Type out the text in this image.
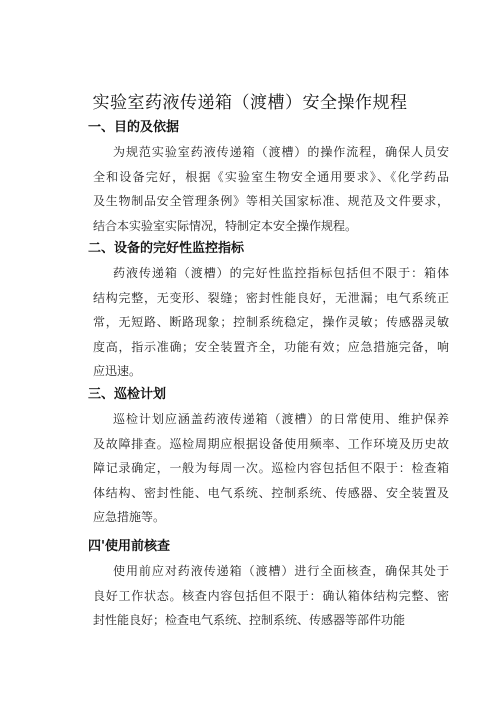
实验室药液传递箱（渡槽）安全操作规程
一、目的及依据
为规范实验室药液传递箱（渡槽）的操作流程，确保人员安
全和设备完好，根据《实验室生物安全通用要求》、《化学药品
及生物制品安全管理条例》等相关国家标准、规范及文件要求，
结合本实验室实际情况，特制定本安全操作规程。
二、设备的完好性监控指标
药液传递箱（渡槽）的完好性监控指标包括但不限于：箱体
结构完整，无变形、裂缝；密封性能良好，无泄漏；电气系统正
常，无短路、断路现象；控制系统稳定，操作灵敏；传感器灵敏
度高，指示准确；安全装置齐全，功能有效；应急措施完备，响
应迅速。
三、巡检计划
巡检计划应涵盖药液传递箱（渡槽）的日常使用、维护保养
及故障排查。巡检周期应根据设备使用频率、工作环境及历史故
障记录确定，一般为每周一次。巡检内容包括但不限于：检查箱
体结构、密封性能、电气系统、控制系统、传感器、安全装置及
应急措施等。
四'使用前核查
使用前应对药液传递箱（渡槽）进行全面核查，确保其处于
良好工作状态。核查内容包括但不限于：确认箱体结构完整、密
封性能良好；检查电气系统、控制系统、传感器等部件功能
